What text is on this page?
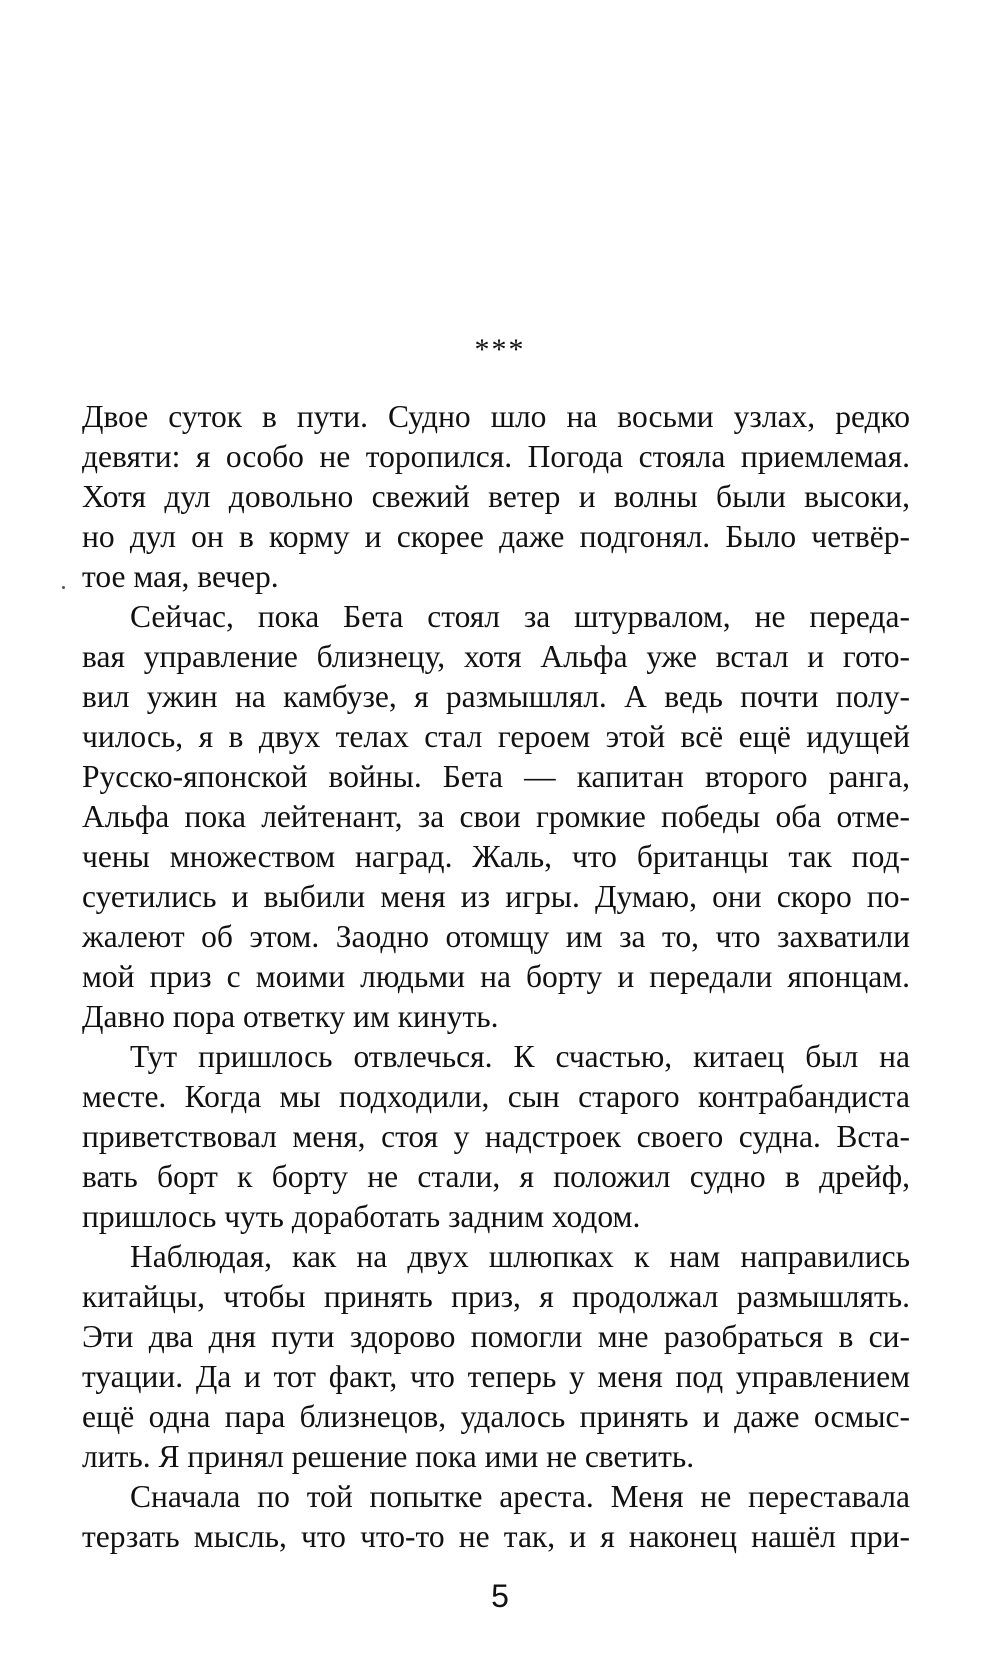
***
Двое суток в пути. Судно шло на восьми узлах, редко
девяти: я особо не торопился. Погода стояла приемлемая.
Хотя дул довольно свежий ветер и волны были высоки,
но дул он в корму и скорее даже подгонял. Было четвёр-
тое мая, вечер.
Сейчас, пока Бета стоял за штурвалом, не переда-
вая управление близнецу, хотя Альфа уже встал и гото-
вил ужин на камбузе, я размышлял. А ведь почти полу-
чилось, я в двух телах стал героем этой всё ещё идущей
Русско-японской войны. Бета — капитан второго ранга,
Альфа пока лейтенант, за свои громкие победы оба отме-
чены множеством наград. Жаль, что британцы так под-
суетились и выбили меня из игры. Думаю, они скоро по-
жалеют об этом. Заодно отомщу им за то, что захватили
мой приз с моими людьми на борту и передали японцам.
Давно пора ответку им кинуть.
Тут пришлось отвлечься. К счастью, китаец был на
месте. Когда мы подходили, сын старого контрабандиста
приветствовал меня, стоя у надстроек своего судна. Вста-
вать борт к борту не стали, я положил судно в дрейф,
пришлось чуть доработать задним ходом.
Наблюдая, как на двух шлюпках к нам направились
китайцы, чтобы принять приз, я продолжал размышлять.
Эти два дня пути здорово помогли мне разобраться в си-
туации. Да и тот факт, что теперь у меня под управлением
ещё одна пара близнецов, удалось принять и даже осмыс-
лить. Я принял решение пока ими не светить.
Сначала по той попытке ареста. Меня не переставала
терзать мысль, что что-то не так, и я наконец нашёл при-
5
